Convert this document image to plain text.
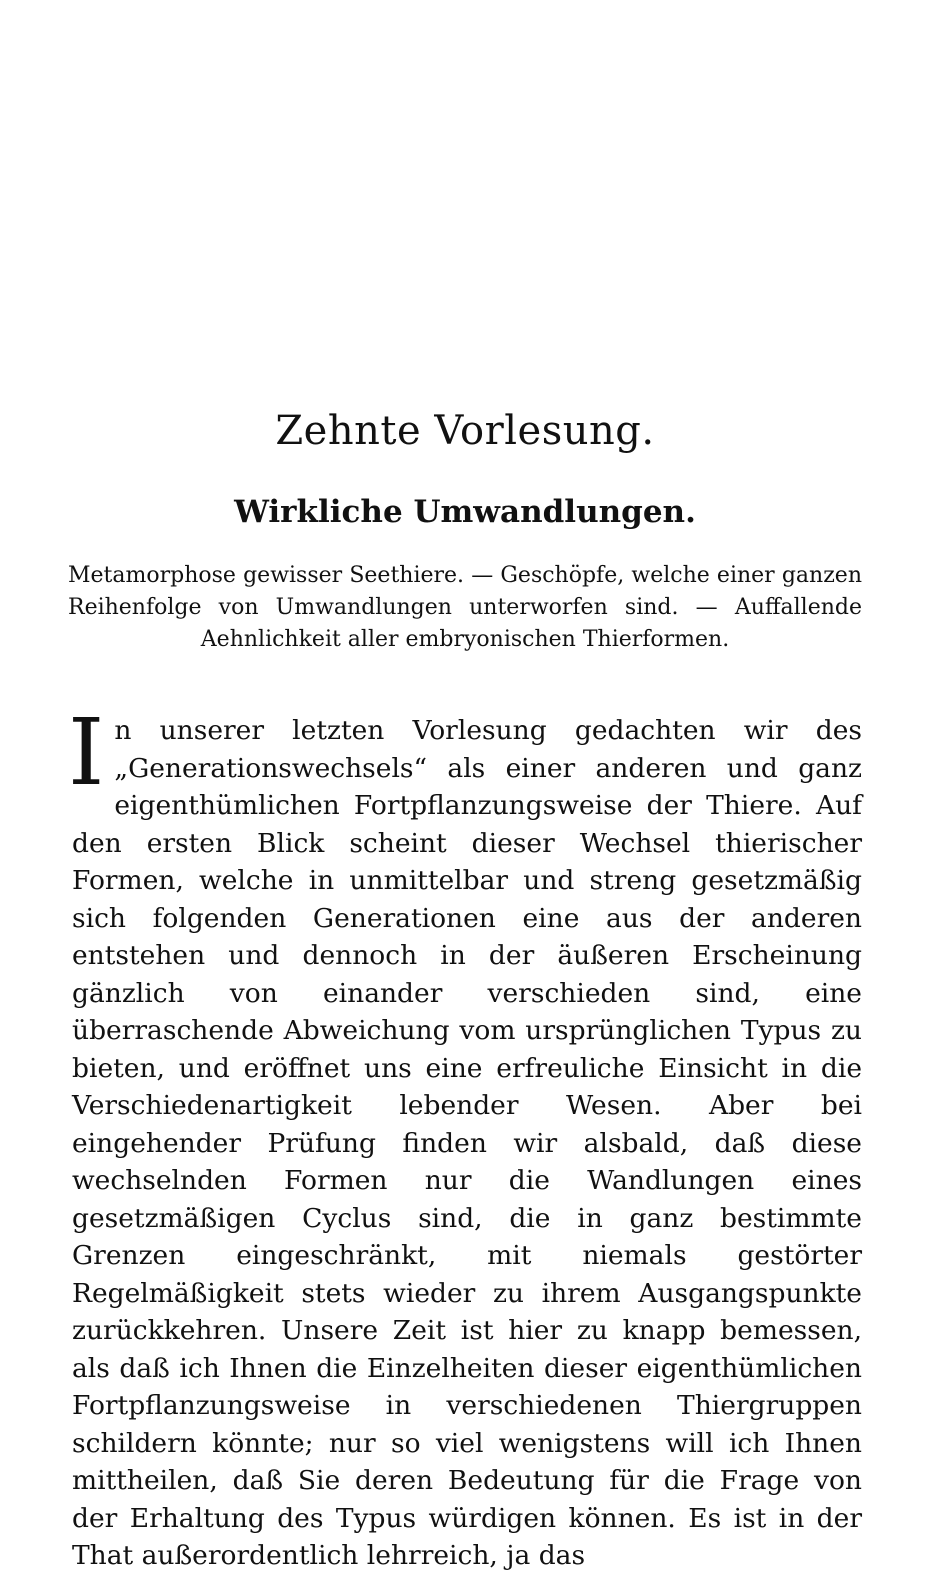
Zehnte Vorlesung.
Wirkliche Umwandlungen.

Metamorphose gewisser Seethiere. — Geschöpfe, welche einer ganzen Reihenfolge von Umwandlungen unterworfen sind. — Auffallende Aehnlichkeit aller embryonischen Thierformen.

In unserer letzten Vorlesung gedachten wir des „Generationswechsels“ als einer anderen und ganz eigenthümlichen Fortpflanzungsweise der Thiere. Auf den ersten Blick scheint dieser Wechsel thierischer Formen, welche in unmittelbar und streng gesetzmäßig sich folgenden Generationen eine aus der anderen entstehen und dennoch in der äußeren Erscheinung gänzlich von einander verschieden sind, eine überraschende Abweichung vom ursprünglichen Typus zu bieten, und eröffnet uns eine erfreuliche Einsicht in die Verschiedenartigkeit lebender Wesen. Aber bei eingehender Prüfung finden wir alsbald, daß diese wechselnden Formen nur die Wandlungen eines gesetzmäßigen Cyclus sind, die in ganz bestimmte Grenzen eingeschränkt, mit niemals gestörter Regelmäßigkeit stets wieder zu ihrem Ausgangspunkte zurückkehren. Unsere Zeit ist hier zu knapp bemessen, als daß ich Ihnen die Einzelheiten dieser eigenthümlichen Fortpflanzungsweise in verschiedenen Thiergruppen schildern könnte; nur so viel wenigstens will ich Ihnen mittheilen, daß Sie deren Bedeutung für die Frage von der Erhaltung des Typus würdigen können. Es ist in der That außerordentlich lehrreich, ja das
